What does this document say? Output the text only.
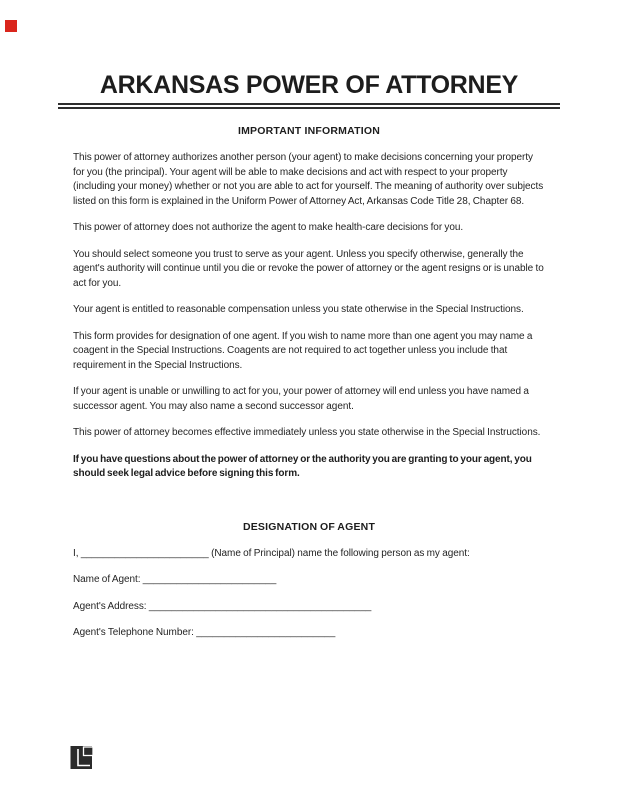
ARKANSAS POWER OF ATTORNEY
IMPORTANT INFORMATION

This power of attorney authorizes another person (your agent) to make decisions concerning your property for you (the principal). Your agent will be able to make decisions and act with respect to your property (including your money) whether or not you are able to act for yourself. The meaning of authority over subjects listed on this form is explained in the Uniform Power of Attorney Act, Arkansas Code Title 28, Chapter 68.

This power of attorney does not authorize the agent to make health-care decisions for you.

You should select someone you trust to serve as your agent. Unless you specify otherwise, generally the agent's authority will continue until you die or revoke the power of attorney or the agent resigns or is unable to act for you.

Your agent is entitled to reasonable compensation unless you state otherwise in the Special Instructions.

This form provides for designation of one agent. If you wish to name more than one agent you may name a coagent in the Special Instructions. Coagents are not required to act together unless you include that requirement in the Special Instructions.

If your agent is unable or unwilling to act for you, your power of attorney will end unless you have named a successor agent. You may also name a second successor agent.

This power of attorney becomes effective immediately unless you state otherwise in the Special Instructions.

If you have questions about the power of attorney or the authority you are granting to your agent, you should seek legal advice before signing this form.

DESIGNATION OF AGENT

I, _______________________ (Name of Principal) name the following person as my agent:

Name of Agent: ________________________

Agent's Address: ________________________________________

Agent's Telephone Number: _________________________
